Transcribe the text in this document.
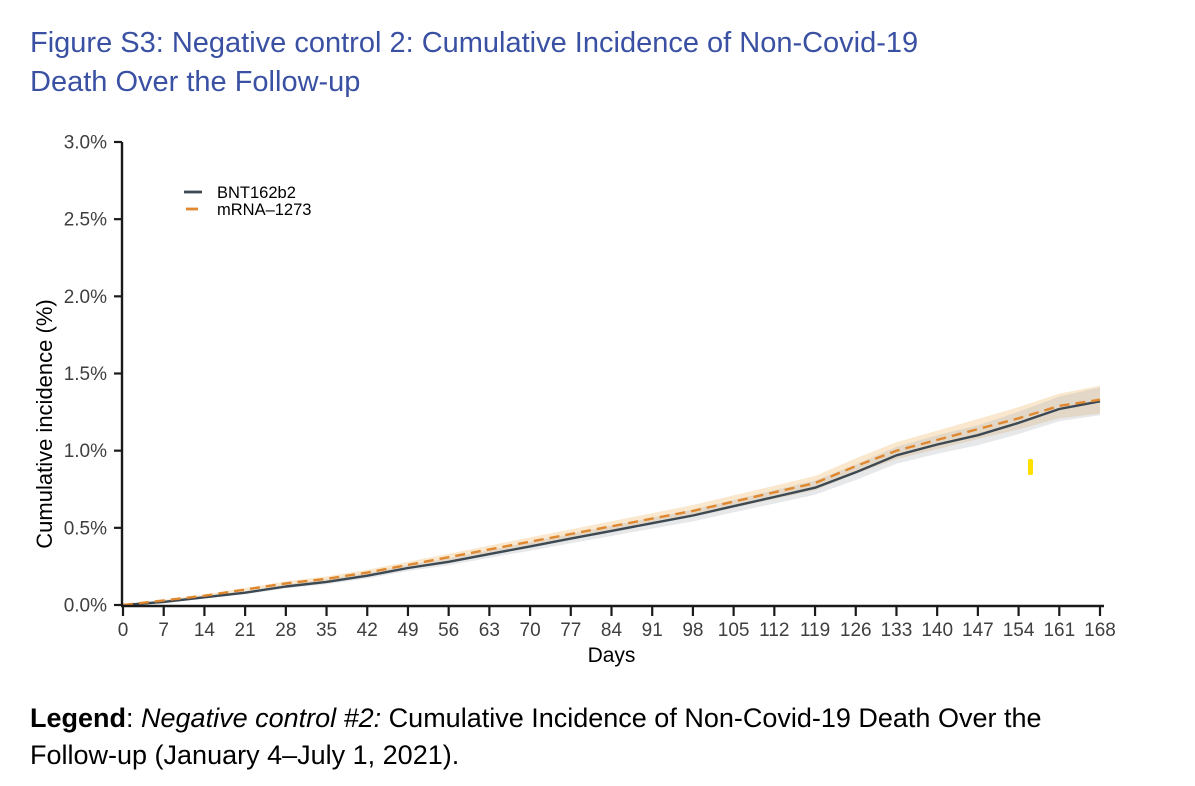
Figure S3: Negative control 2: Cumulative Incidence of Non-Covid-19 Death Over the Follow-up
0.0%
0.5%
1.0%
1.5%
2.0%
2.5%
3.0%
0 7 14 21 28 35 42 49 56 63 70 77 84 91 98 105 112 119 126 133 140 147 154 161 168
Days
Cumulative incidence (%)
BNT162b2
mRNA–1273
Legend: Negative control #2: Cumulative Incidence of Non-Covid-19 Death Over the Follow-up (January 4–July 1, 2021).
